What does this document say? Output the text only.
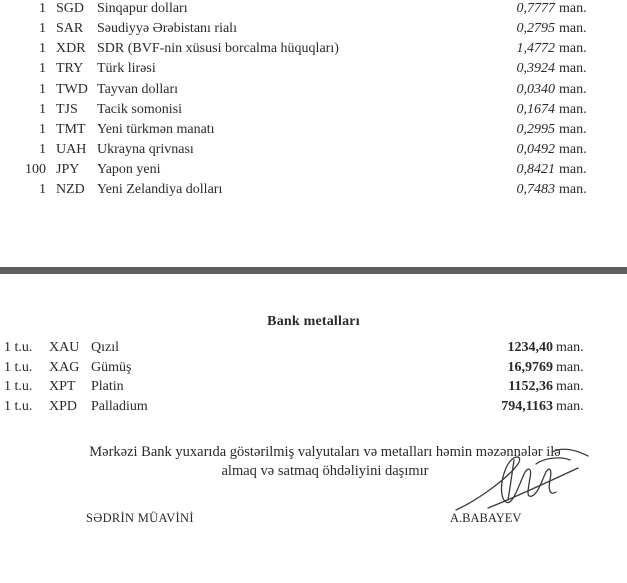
1 SGD Sinqapur dolları	0,7777 man.
1 SAR Səudiyyə Ərəbistanı rialı	0,2795 man.
1 XDR SDR (BVF-nin xüsusi borcalma hüquqları)	1,4772 man.
1 TRY Türk lirəsi	0,3924 man.
1 TWD Tayvan dolları	0,0340 man.
1 TJS Tacik somonisi	0,1674 man.
1 TMT Yeni türkmən manatı	0,2995 man.
1 UAH Ukrayna qrivnası	0,0492 man.
100 JPY Yapon yeni	0,8421 man.
1 NZD Yeni Zelandiya dolları	0,7483 man.
Bank metalları
1 t.u. XAU Qızıl	1234,40 man.
1 t.u. XAG Gümüş	16,9769 man.
1 t.u. XPT Platin	1152,36 man.
1 t.u. XPD Palladium	794,1163 man.
Mərkəzi Bank yuxarıda göstərilmiş valyutaları və metalları həmin məzənnələr ilə
almaq və satmaq öhdəliyini daşımır
SƏDRİN MÜAVİNİ	A.BABAYEV
